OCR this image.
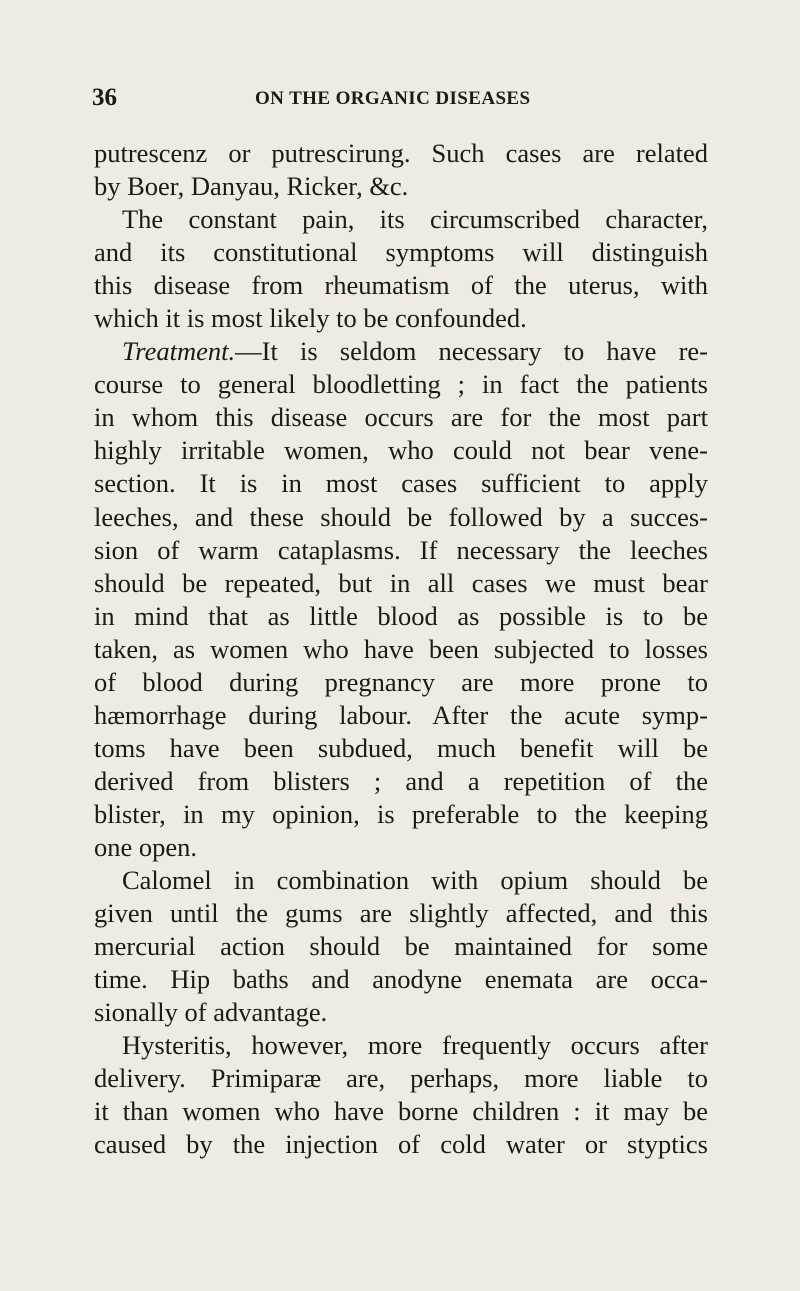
36	ON THE ORGANIC DISEASES
putrescenz or putrescirung. Such cases are related
by Boer, Danyau, Ricker, &c.
The constant pain, its circumscribed character,
and its constitutional symptoms will distinguish
this disease from rheumatism of the uterus, with
which it is most likely to be confounded.
Treatment.—It is seldom necessary to have re-
course to general bloodletting ; in fact the patients
in whom this disease occurs are for the most part
highly irritable women, who could not bear vene-
section. It is in most cases sufficient to apply
leeches, and these should be followed by a succes-
sion of warm cataplasms. If necessary the leeches
should be repeated, but in all cases we must bear
in mind that as little blood as possible is to be
taken, as women who have been subjected to losses
of blood during pregnancy are more prone to
hæmorrhage during labour. After the acute symp-
toms have been subdued, much benefit will be
derived from blisters ; and a repetition of the
blister, in my opinion, is preferable to the keeping
one open.
Calomel in combination with opium should be
given until the gums are slightly affected, and this
mercurial action should be maintained for some
time. Hip baths and anodyne enemata are occa-
sionally of advantage.
Hysteritis, however, more frequently occurs after
delivery. Primiparæ are, perhaps, more liable to
it than women who have borne children : it may be
caused by the injection of cold water or styptics
